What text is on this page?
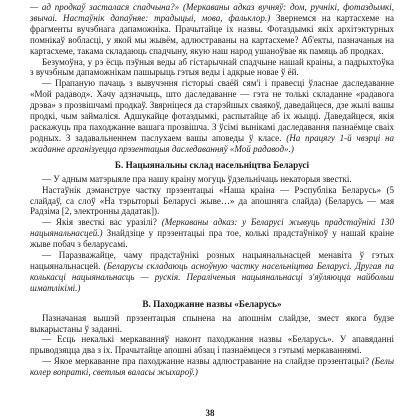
— ад продкаў засталася спадчына?» (Меркаваны адказ вучняў: дом, ручнікі, фотаздымкі, звычаі. Настаўнік дапаўняе: традыцыі, мова, фальклор.) Звернемся на картасхеме на фрагменты вучэбнага дапаможніка. Прачытайце іх назвы. Фотаздымкі якіх архітэктурных помнікаў вобласці, у якой мы жывём, адлюстраваны на картасхеме? Аб'екты, пазначаныя на картасхеме, такама складаюць спадчыну, якую наш народ ушаноўвае як памяць аб продках.

Безумоўна, у рэ ёсць пэўныя веды аб гістарычнай спадчыне нашай краіны, а падрыхтоўка з вучэбным дапаможнікам пашырыць гэтыя веды і адкрые новае ў ёй.

— Прапаную пачаць з вывучэння гісторыі сваёй сям'і і правесці ўласнае даследаванне «Мой радавод». Хачу адзначыць, што даследаванне — гэта не толькі складанне «радавога дрэва» з прозвішчамі продкаў. Звярніцеся да старэйшых сваякоў, даведайцеся, дзе жылі вашы продкі, чым займаліся. Адшукайце фотаздымкі, распытайце аб іх жыцці. Даведайцеся, якія раскажуць пра паходжанне вашага прозвішча. З ўсімі вынікамі даследавання пазнаёмце сваіх родных. З задавальненнем паслухаем вашы аповеды ў класе. (На працягу 1-й чвэрці на жаданне арганізуецца прэзентацыя даследаванняў «Мой радавод».)

Б. Нацыянальны склад насельніцтва Беларусі

— У адным матэрыяле пра нашу краіну могуць ўдзельнічаць некаторыя звесткі.

Настаўнік дэманструе частку прэзентацыі «Наша краіна — Рэспубліка Беларусь» (5 слайдаў, са слоў «На тэрыторыі Беларусі жыве…» да апошняга слайда) (Беларусь — мая Радзіма [2, электронны дадатак]).

— Якія звесткі вас уразілі? (Меркаваны адказ: у Беларусі жывуць прадстаўнікі 130 нацыянальнасцей.) Знайдзіце у прэзентацыі пра тое, колькі прадстаўнікоў у нашай краіне жыве побач з беларусамі.

— Паразважайце, чаму прадстаўнікі розных нацыянальнасцей менавіта ў гэтых нацыянальнасцей. (Беларусы складаюць асноўную частку насельніцтва Беларусі. Другая па колькасці нацыянальнасць — рускія. Пераліченыя нацыянальнасці з'яўляюцца найбольш шматлікімі.)

В. Паходжанне назвы «Беларусь»

Пазначаная вышэй прэзентацыя спынена на апошнім слайдзе, змест якога будзе выкарыстаны ў заданні.

— Есць некалькі меркаванняў наконт паходжання назвы «Беларусь». У апавяданні прыводзяцца два з іх. Прачытайце апошні абзац і пазнаёмцеся з гэтымі меркаваннямі.

— Якое меркаванне пра паходжанне назвы адлюстраванне на слайдзе прэзентацыі? (Белы колер вопраткі, светлыя валасы жыхароў.)

38
